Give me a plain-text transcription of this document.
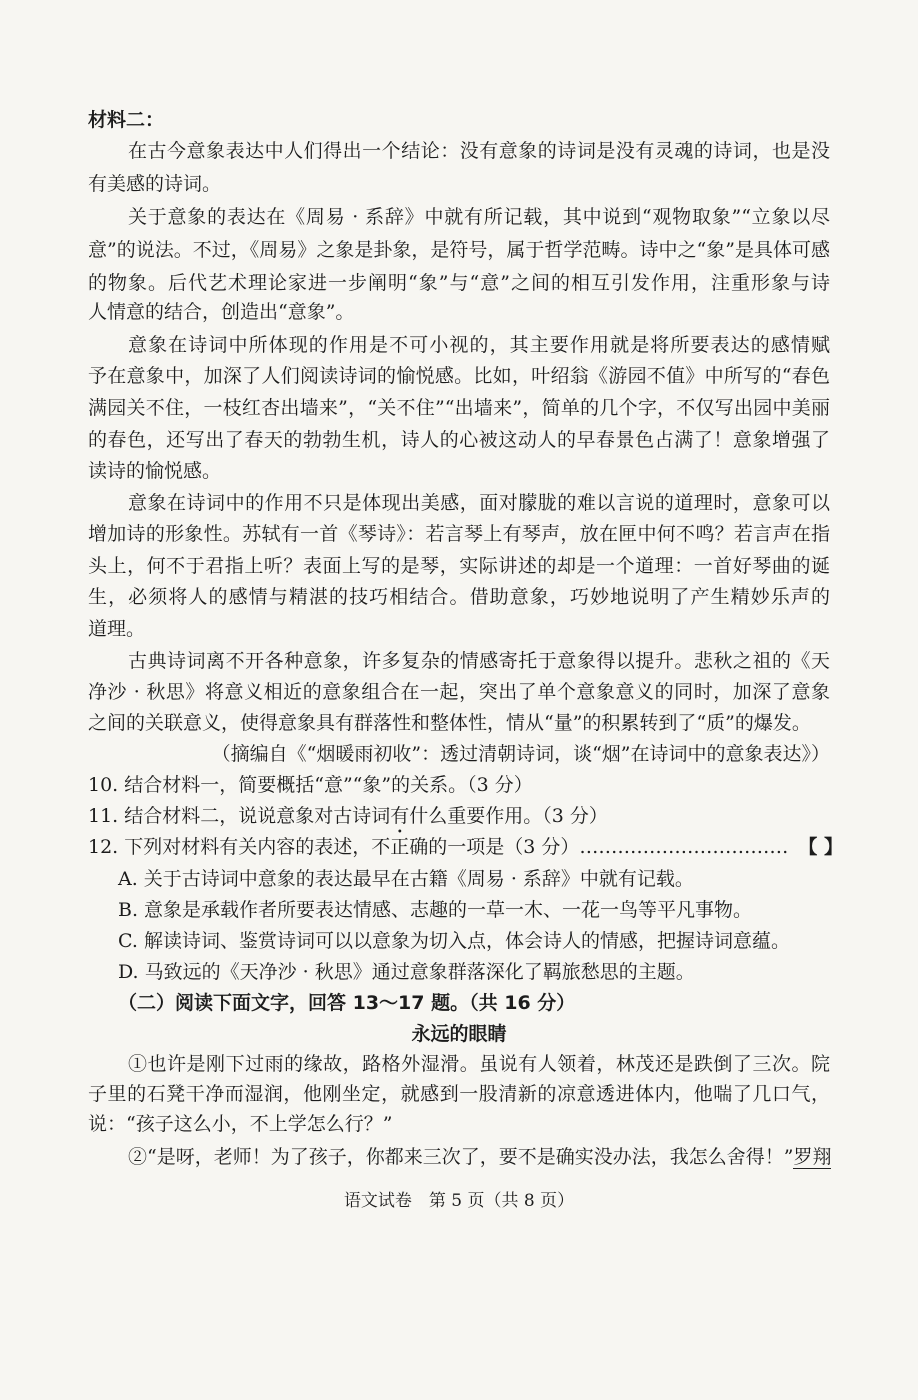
材料二：
在古今意象表达中人们得出一个结论：没有意象的诗词是没有灵魂的诗词，也是没
有美感的诗词。
关于意象的表达在《周易 · 系辞》中就有所记载，其中说到“观物取象”“立象以尽
意”的说法。不过，《周易》之象是卦象，是符号，属于哲学范畴。诗中之“象”是具体可感
的物象。后代艺术理论家进一步阐明“象”与“意”之间的相互引发作用，注重形象与诗
人情意的结合，创造出“意象”。
意象在诗词中所体现的作用是不可小视的，其主要作用就是将所要表达的感情赋
予在意象中，加深了人们阅读诗词的愉悦感。比如，叶绍翁《游园不值》中所写的“春色
满园关不住，一枝红杏出墙来”，“关不住”“出墙来”，简单的几个字，不仅写出园中美丽
的春色，还写出了春天的勃勃生机，诗人的心被这动人的早春景色占满了！意象增强了
读诗的愉悦感。
意象在诗词中的作用不只是体现出美感，面对朦胧的难以言说的道理时，意象可以
增加诗的形象性。苏轼有一首《琴诗》：若言琴上有琴声，放在匣中何不鸣？若言声在指
头上，何不于君指上听？表面上写的是琴，实际讲述的却是一个道理：一首好琴曲的诞
生，必须将人的感情与精湛的技巧相结合。借助意象，巧妙地说明了产生精妙乐声的
道理。
古典诗词离不开各种意象，许多复杂的情感寄托于意象得以提升。悲秋之祖的《天
净沙 · 秋思》将意义相近的意象组合在一起，突出了单个意象意义的同时，加深了意象
之间的关联意义，使得意象具有群落性和整体性，情从“量”的积累转到了“质”的爆发。
（摘编自《“烟暖雨初收”：透过清朝诗词，谈“烟”在诗词中的意象表达》）
10. 结合材料一，简要概括“意”“象”的关系。（3 分）
11. 结合材料二，说说意象对古诗词有什么重要作用。（3 分）
12. 下列对材料有关内容的表述， 不正确 • 的一项是（3 分） …………………………… 【 】
A. 关于古诗词中意象的表达最早在古籍《周易 · 系辞》中就有记载。
B. 意象是承载作者所要表达情感、志趣的一草一木、一花一鸟等平凡事物。
C. 解读诗词、鉴赏诗词可以以意象为切入点，体会诗人的情感，把握诗词意蕴。
D. 马致远的《天净沙 · 秋思》通过意象群落深化了羁旅愁思的主题。
（二）阅读下面文字，回答 13～17 题。（共 16 分）
永远的眼睛
①也许是刚下过雨的缘故，路格外湿滑。虽说有人领着，林茂还是跌倒了三次。院
子里的石凳干净而湿润，他刚坐定，就感到一股清新的凉意透进体内，他喘了几口气，
说：“孩子这么小，不上学怎么行？”
②“是呀，老师！为了孩子，你都来三次了，要不是确实没办法，我怎么舍得！”罗翔
语文试卷　第 5 页（共 8 页）
